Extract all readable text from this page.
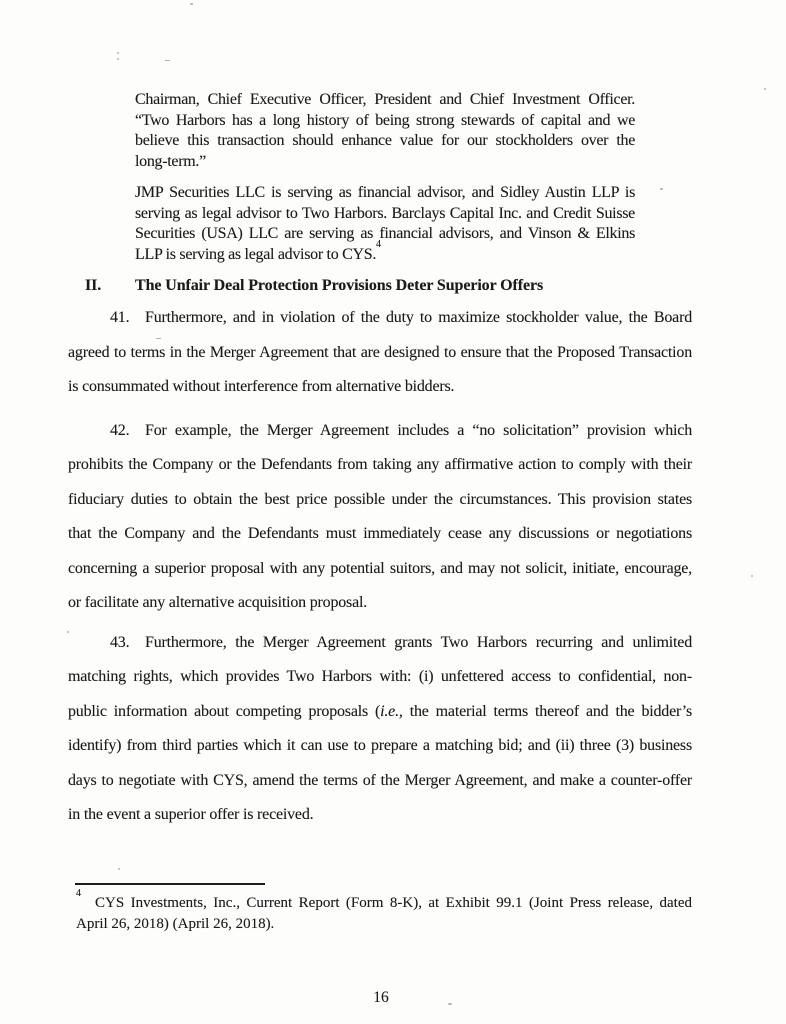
Chairman, Chief Executive Officer, President and Chief Investment Officer.
“Two Harbors has a long history of being strong stewards of capital and we
believe this transaction should enhance value for our stockholders over the
long-term.”
JMP Securities LLC is serving as financial advisor, and Sidley Austin LLP is
serving as legal advisor to Two Harbors. Barclays Capital Inc. and Credit Suisse
Securities (USA) LLC are serving as financial advisors, and Vinson & Elkins
LLP is serving as legal advisor to CYS.$^4$
II. The Unfair Deal Protection Provisions Deter Superior Offers
41. Furthermore, and in violation of the duty to maximize stockholder value, the Board
agreed to terms in the Merger Agreement that are designed to ensure that the Proposed Transaction
is consummated without interference from alternative bidders.
42. For example, the Merger Agreement includes a “no solicitation” provision which
prohibits the Company or the Defendants from taking any affirmative action to comply with their
fiduciary duties to obtain the best price possible under the circumstances. This provision states
that the Company and the Defendants must immediately cease any discussions or negotiations
concerning a superior proposal with any potential suitors, and may not solicit, initiate, encourage,
or facilitate any alternative acquisition proposal.
43. Furthermore, the Merger Agreement grants Two Harbors recurring and unlimited
matching rights, which provides Two Harbors with: (i) unfettered access to confidential, non-
public information about competing proposals (i.e., the material terms thereof and the bidder’s
identify) from third parties which it can use to prepare a matching bid; and (ii) three (3) business
days to negotiate with CYS, amend the terms of the Merger Agreement, and make a counter-offer
in the event a superior offer is received.
$^4$CYS Investments, Inc., Current Report (Form 8-K), at Exhibit 99.1 (Joint Press release, dated
April 26, 2018) (April 26, 2018).
16
